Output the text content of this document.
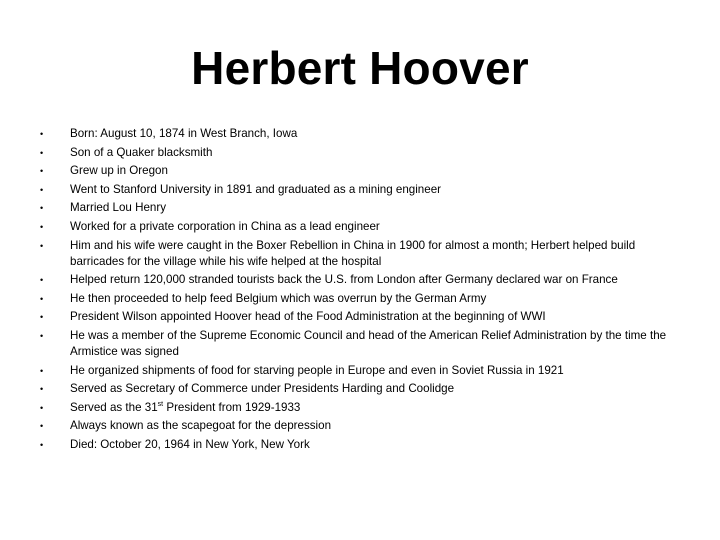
Herbert Hoover
•	Born: August 10, 1874 in West Branch, Iowa
•	Son of a Quaker blacksmith
•	Grew up in Oregon
•	Went to Stanford University in 1891 and graduated as a mining engineer
•	Married Lou Henry
•	Worked for a private corporation in China as a lead engineer
•	Him and his wife were caught in the Boxer Rebellion in China in 1900 for almost a month; Herbert helped build barricades for the village while his wife helped at the hospital
•	Helped return 120,000 stranded tourists back the U.S. from London after Germany declared war on France
•	He then proceeded to help feed Belgium which was overrun by the German Army
•	President Wilson appointed Hoover head of the Food Administration at the beginning of WWI
•	He was a member of the Supreme Economic Council and head of the American Relief Administration by the time the Armistice was signed
•	He organized shipments of food for starving people in Europe and even in Soviet Russia in 1921
•	Served as Secretary of Commerce under Presidents Harding and Coolidge
•	Served as the 31st President from 1929-1933
•	Always known as the scapegoat for the depression
•	Died: October 20, 1964 in New York, New York
